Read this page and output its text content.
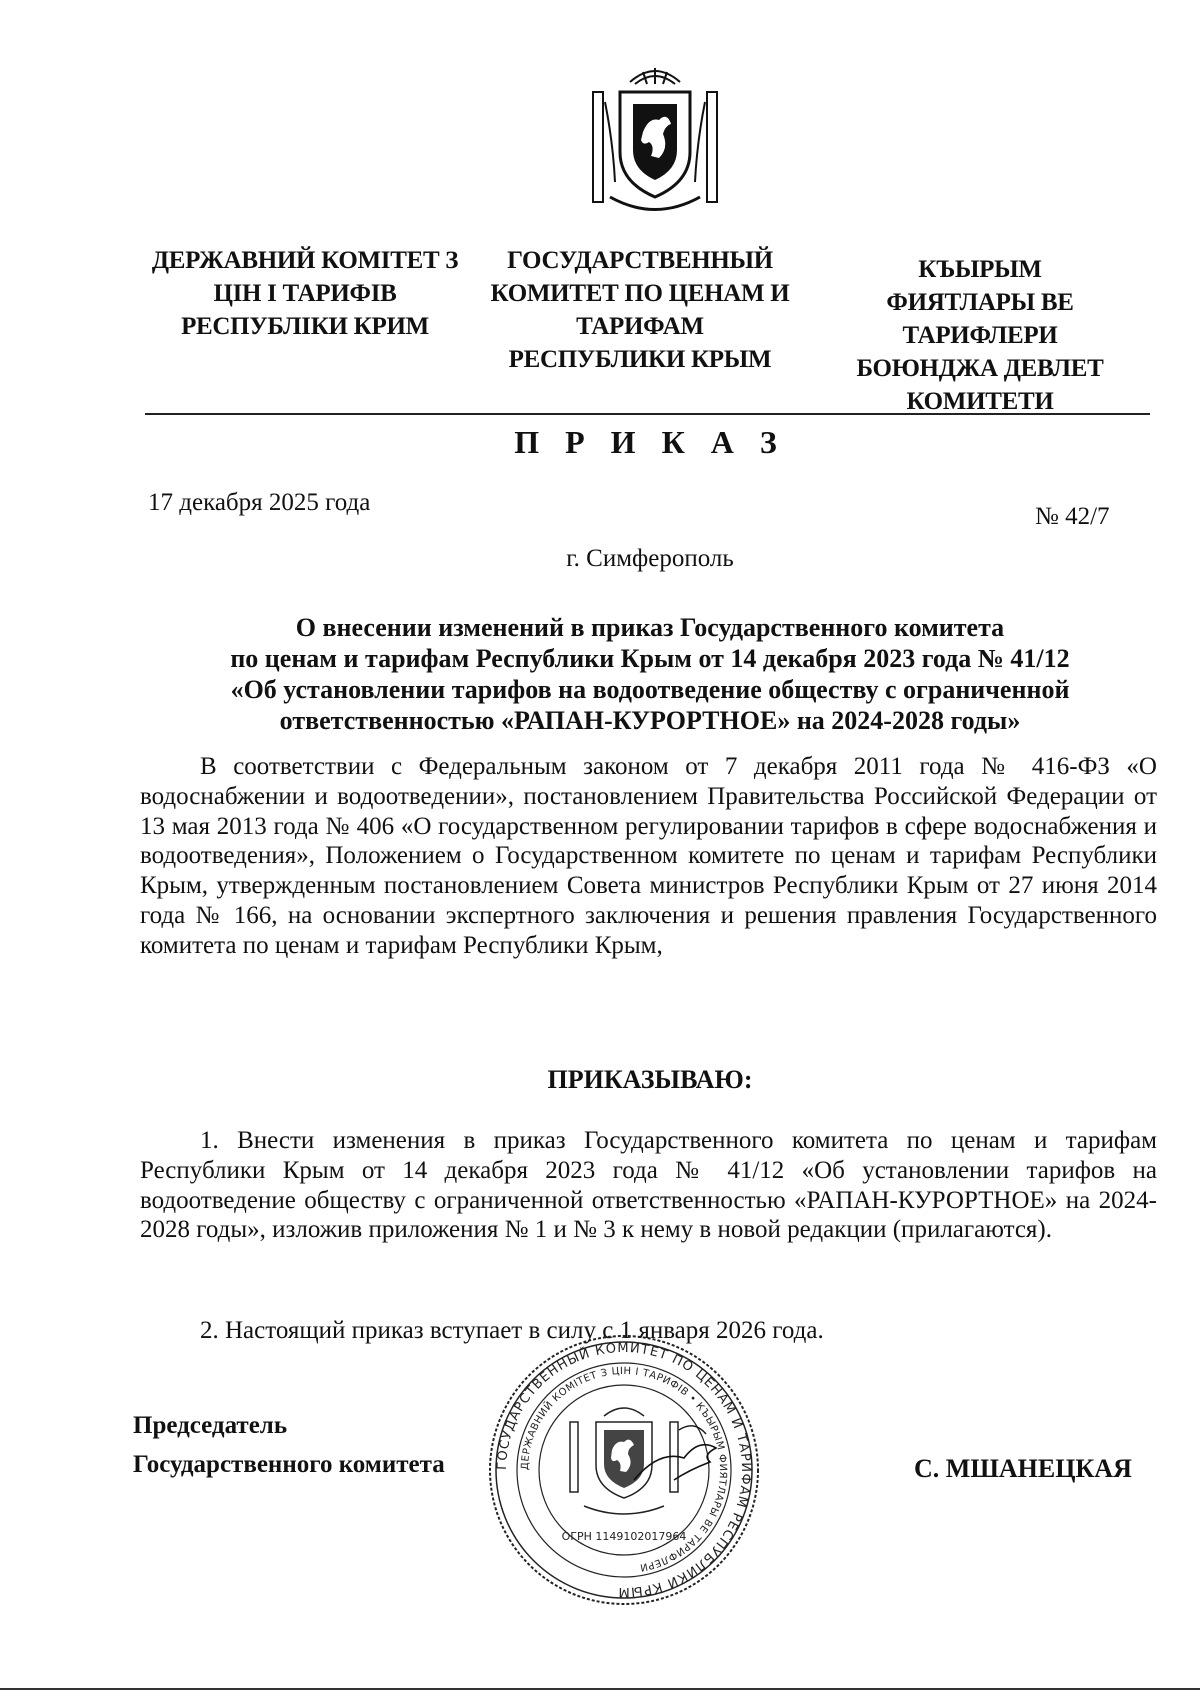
ДЕРЖАВНИЙ КОМІТЕТ З
ЦІН І ТАРИФІВ
РЕСПУБЛІКИ КРИМ
ГОСУДАРСТВЕННЫЙ
КОМИТЕТ ПО ЦЕНАМ И
ТАРИФАМ
РЕСПУБЛИКИ КРЫМ
КЪЫРЫМ
ФИЯТЛАРЫ ВЕ ТАРИФЛЕРИ
БОЮНДЖА ДЕВЛЕТ
КОМИТЕТИ
П Р И К А З
17 декабря 2025 года
№ 42/7
г. Симферополь
О внесении изменений в приказ Государственного комитета
по ценам и тарифам Республики Крым от 14 декабря 2023 года № 41/12
«Об установлении тарифов на водоотведение обществу с ограниченной
ответственностью «РАПАН-КУРОРТНОЕ» на 2024-2028 годы»
В соответствии с Федеральным законом от 7 декабря 2011 года № 416-ФЗ «О водоснабжении и водоотведении», постановлением Правительства Российской Федерации от 13 мая 2013 года № 406 «О государственном регулировании тарифов в сфере водоснабжения и водоотведения», Положением о Государственном комитете по ценам и тарифам Республики Крым, утвержденным постановлением Совета министров Республики Крым от 27 июня 2014 года № 166, на основании экспертного заключения и решения правления Государственного комитета по ценам и тарифам Республики Крым,
ПРИКАЗЫВАЮ:
1. Внести изменения в приказ Государственного комитета по ценам и тарифам Республики Крым от 14 декабря 2023 года № 41/12 «Об установлении тарифов на водоотведение обществу с ограниченной ответственностью «РАПАН-КУРОРТНОЕ» на 2024-2028 годы», изложив приложения № 1 и № 3 к нему в новой редакции (прилагаются).
2. Настоящий приказ вступает в силу с 1 января 2026 года.
Председатель
Государственного комитета	С. МШАНЕЦКАЯ
ГОСУДАРСТВЕННЫЙ КОМИТЕТ ПО ЦЕНАМ И ТАРИФАМ РЕСПУБЛИКИ КРЫМ
ДЕРЖАВНИЙ КОМІТЕТ З ЦІН І ТАРИФІВ • КЪЫРЫМ ФИЯТЛАРЫ ВЕ ТАРИФЛЕРИ
ОГРН 1149102017964
